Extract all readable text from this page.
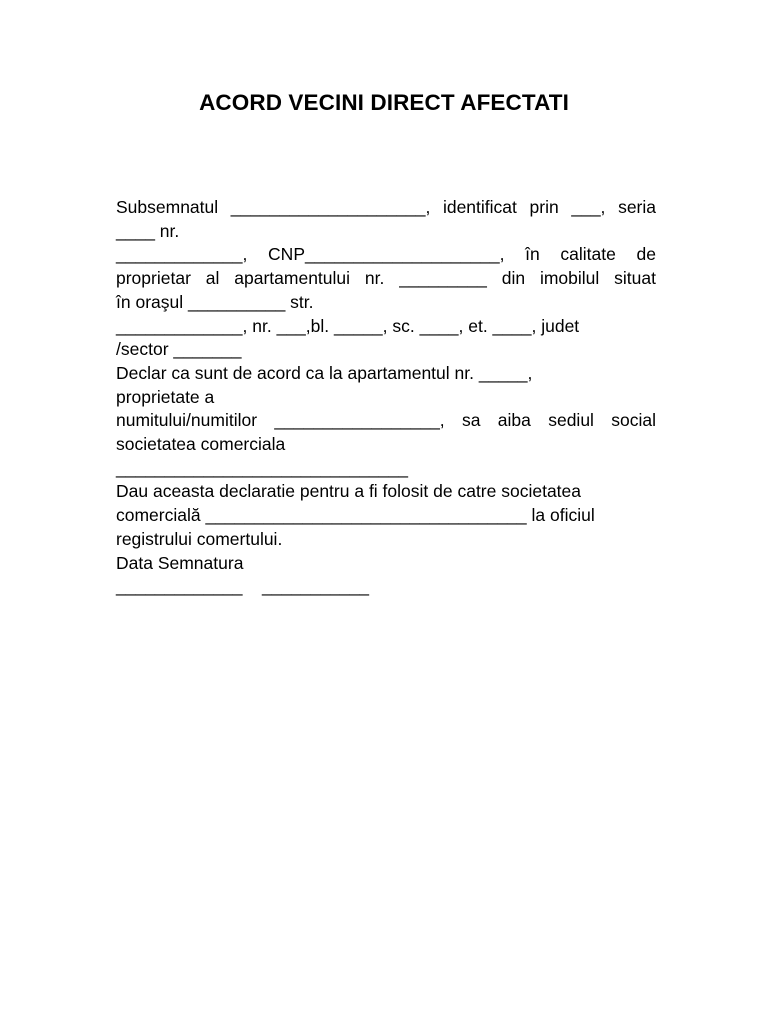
ACORD VECINI DIRECT AFECTATI
Subsemnatul ____________________, identificat prin ___, seria
____ nr.
_____________, CNP____________________, în calitate de
proprietar al apartamentului nr. _________ din imobilul situat
în oraşul __________ str.
_____________, nr. ___,bl. _____, sc. ____, et. ____, judet
/sector _______
Declar ca sunt de acord ca la apartamentul nr. _____,
proprietate a
numitului/numitilor _________________, sa aiba sediul social
societatea comerciala
______________________________
Dau aceasta declaratie pentru a fi folosit de catre societatea
comercială _________________________________ la oficiul
registrului comertului.
Data Semnatura
_____________    ___________
